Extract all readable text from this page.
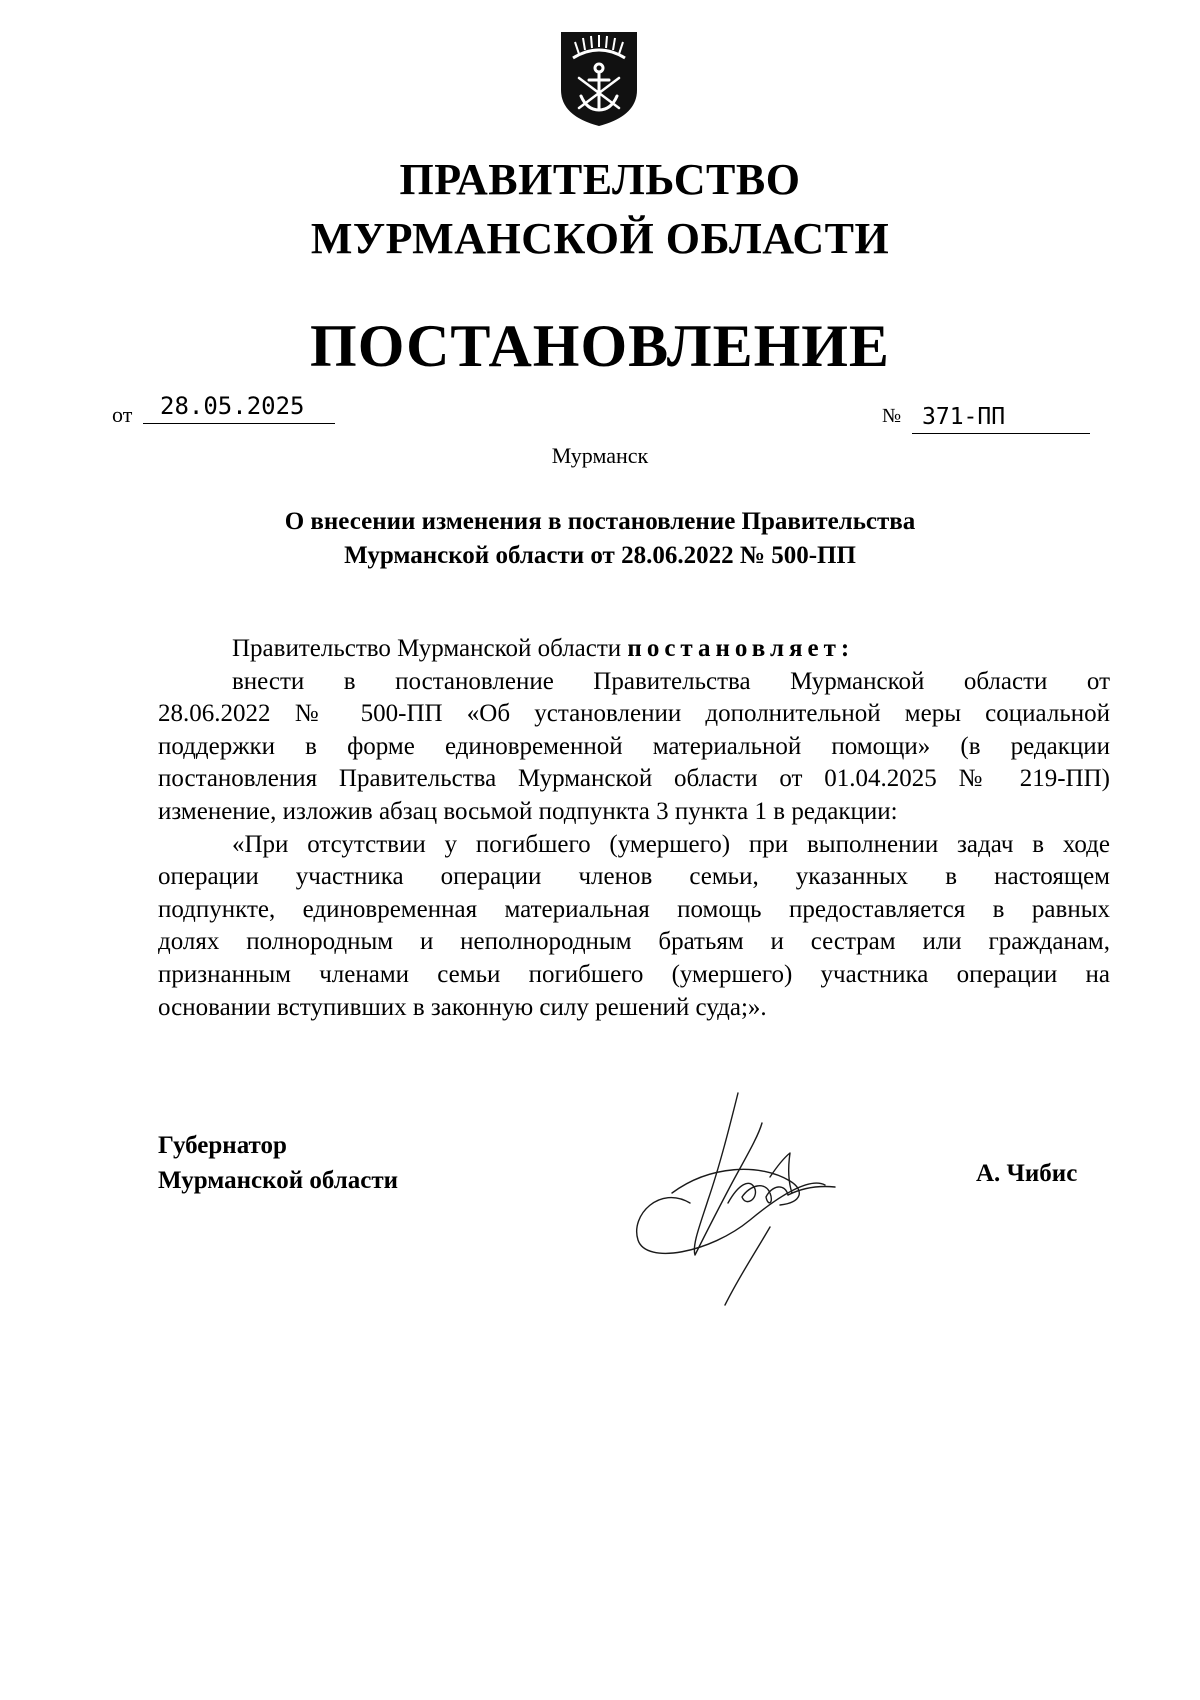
ПРАВИТЕЛЬСТВО
МУРМАНСКОЙ ОБЛАСТИ
ПОСТАНОВЛЕНИЕ
от 28.05.2025	№ 371-ПП
Мурманск
О внесении изменения в постановление Правительства
Мурманской области от 28.06.2022 № 500-ПП

Правительство Мурманской области постановляет:

внести в постановление Правительства Мурманской области от

28.06.2022 № 500-ПП «Об установлении дополнительной меры социальной

поддержки в форме единовременной материальной помощи» (в редакции

постановления Правительства Мурманской области от 01.04.2025 № 219-ПП)

изменение, изложив абзац восьмой подпункта 3 пункта 1 в редакции:

«При отсутствии у погибшего (умершего) при выполнении задач в ходе

операции участника операции членов семьи, указанных в настоящем

подпункте, единовременная материальная помощь предоставляется в равных

долях полнородным и неполнородным братьям и сестрам или гражданам,

признанным членами семьи погибшего (умершего) участника операции на

основании вступивших в законную силу решений суда;».

Губернатор
Мурманской области	А. Чибис
